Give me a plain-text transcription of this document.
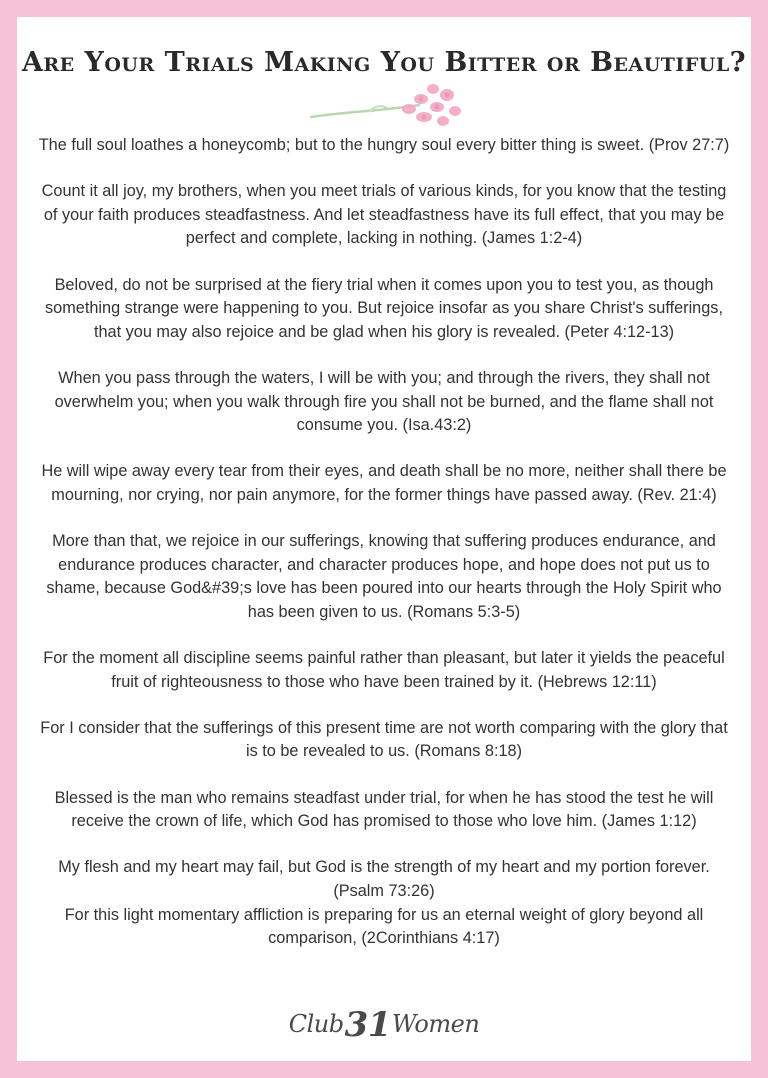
Are Your Trials Making You Bitter or Beautiful?

The full soul loathes a honeycomb; but to the hungry soul every bitter thing is sweet. (Prov 27:7)

Count it all joy, my brothers, when you meet trials of various kinds, for you know that the testing of your faith produces steadfastness. And let steadfastness have its full effect, that you may be perfect and complete, lacking in nothing. (James 1:2-4)

Beloved, do not be surprised at the fiery trial when it comes upon you to test you, as though something strange were happening to you. But rejoice insofar as you share Christ's sufferings, that you may also rejoice and be glad when his glory is revealed. (Peter 4:12-13)

When you pass through the waters, I will be with you; and through the rivers, they shall not overwhelm you; when you walk through fire you shall not be burned, and the flame shall not consume you. (Isa.43:2)

He will wipe away every tear from their eyes, and death shall be no more, neither shall there be mourning, nor crying, nor pain anymore, for the former things have passed away. (Rev. 21:4)

More than that, we rejoice in our sufferings, knowing that suffering produces endurance, and endurance produces character, and character produces hope, and hope does not put us to shame, because God&#39;s love has been poured into our hearts through the Holy Spirit who has been given to us. (Romans 5:3-5)

For the moment all discipline seems painful rather than pleasant, but later it yields the peaceful fruit of righteousness to those who have been trained by it. (Hebrews 12:11)

For I consider that the sufferings of this present time are not worth comparing with the glory that is to be revealed to us. (Romans 8:18)

Blessed is the man who remains steadfast under trial, for when he has stood the test he will receive the crown of life, which God has promised to those who love him. (James 1:12)

My flesh and my heart may fail, but God is the strength of my heart and my portion forever. (Psalm 73:26)

For this light momentary affliction is preparing for us an eternal weight of glory beyond all comparison, (2Corinthians 4:17)

Club31Women
